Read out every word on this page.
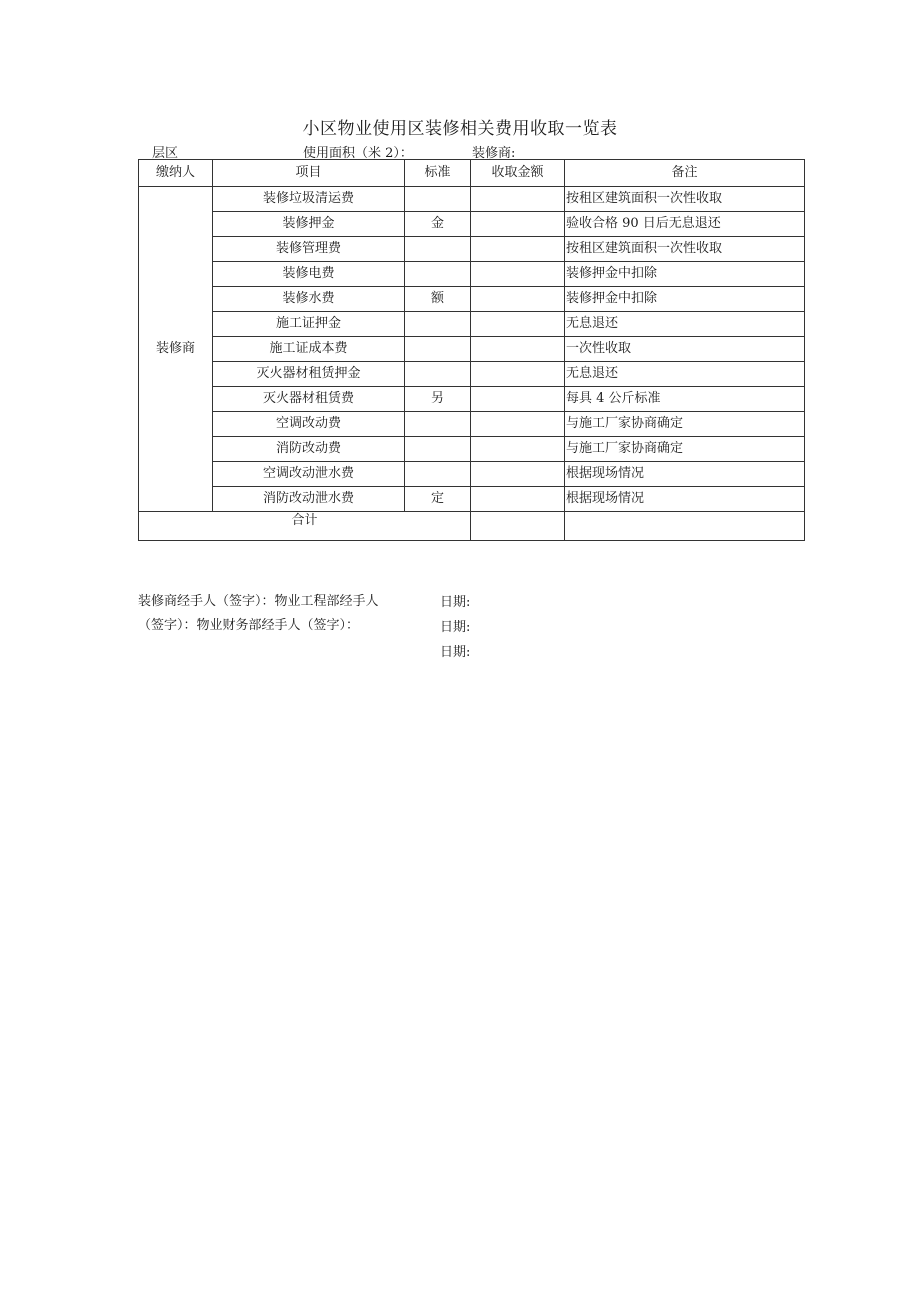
小区物业使用区装修相关费用收取一览表
层区	使用面积（米 2）：	装修商:
缴纳人	项目	标准	收取金额	备注
装修商	装修垃圾清运费			按租区建筑面积一次性收取
	装修押金	金		验收合格 90 日后无息退还
	装修管理费			按租区建筑面积一次性收取
	装修电费			装修押金中扣除
	装修水费	额		装修押金中扣除
	施工证押金			无息退还
	施工证成本费			一次性收取
	灭火器材租赁押金			无息退还
	灭火器材租赁费	另		每具 4 公斤标准
	空调改动费			与施工厂家协商确定
	消防改动费			与施工厂家协商确定
	空调改动泄水费			根据现场情况
	消防改动泄水费	定		根据现场情况
合计				
装修商经手人（签字）：物业工程部经手人
（签字）：物业财务部经手人（签字）：
日期:
日期:
日期:
